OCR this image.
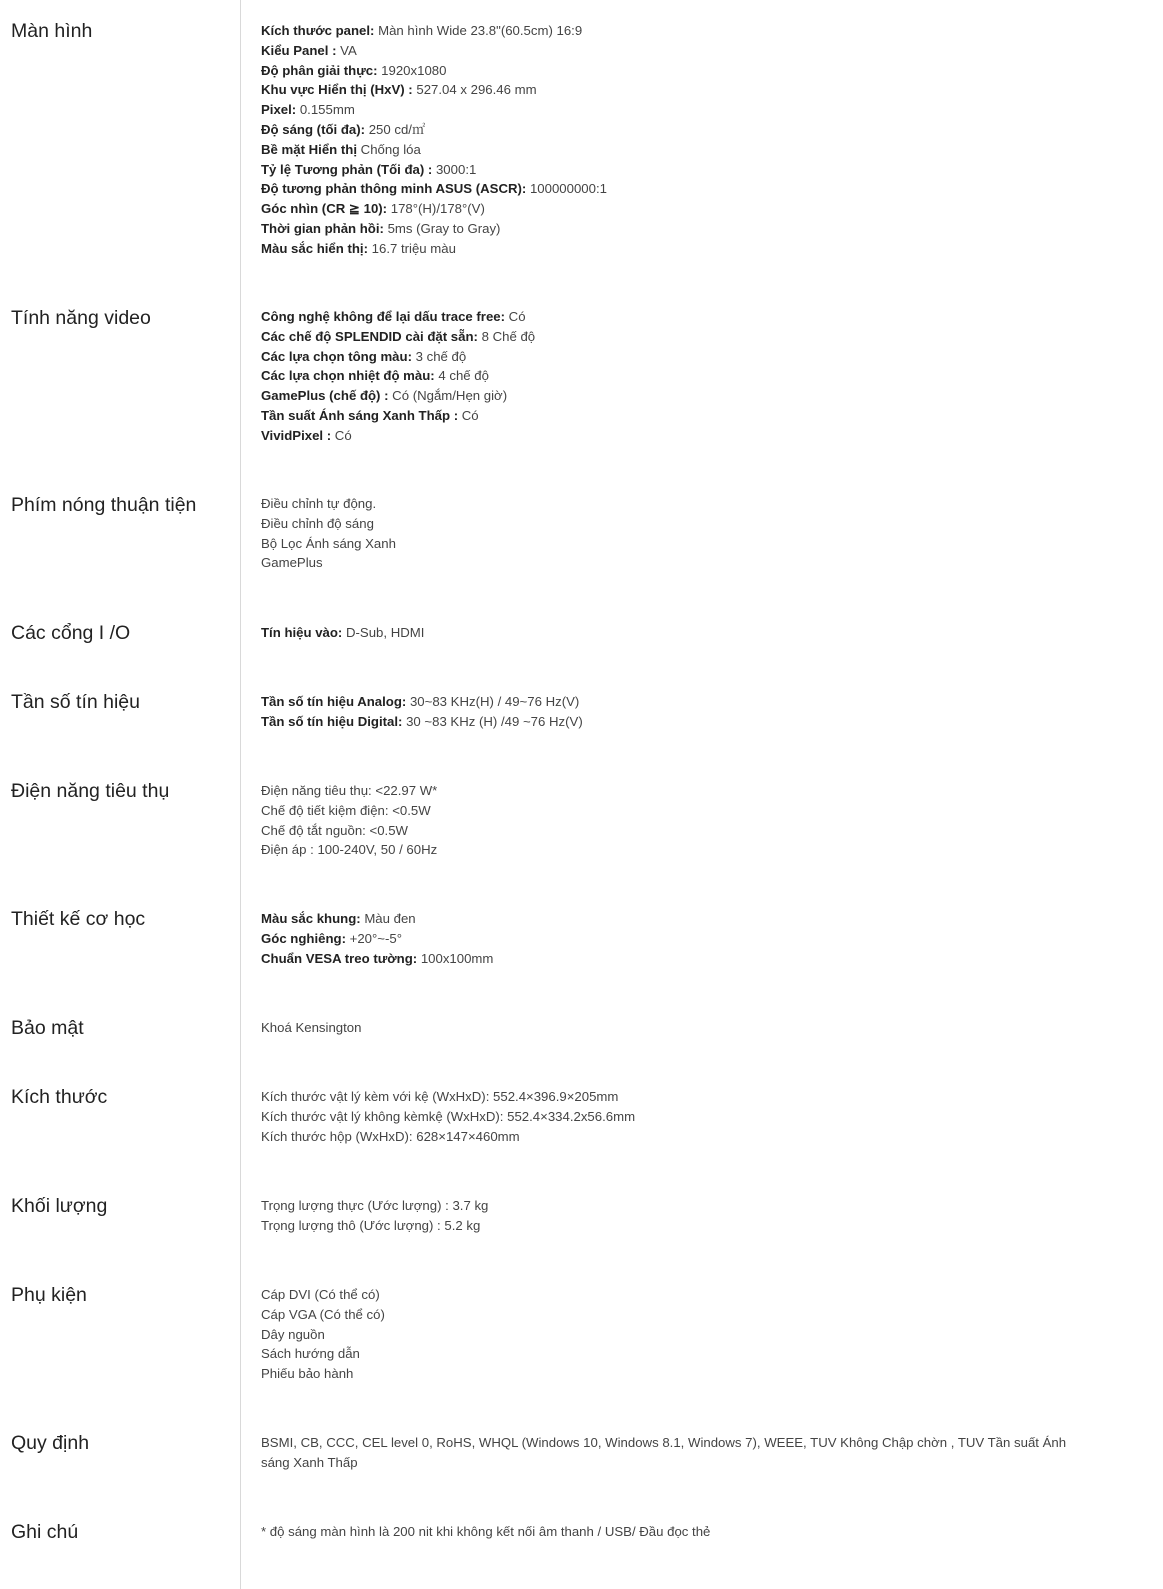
Màn hình	Kích thước panel: Màn hình Wide 23.8"(60.5cm) 16:9
Kiểu Panel : VA
Độ phân giải thực: 1920x1080
Khu vực Hiển thị (HxV) : 527.04 x 296.46 mm
Pixel: 0.155mm
Độ sáng (tối đa): 250 cd/㎡
Bề mặt Hiển thị Chống lóa
Tỷ lệ Tương phản (Tối đa) : 3000:1
Độ tương phản thông minh ASUS (ASCR): 100000000:1
Góc nhìn (CR ≧ 10): 178°(H)/178°(V)
Thời gian phản hồi: 5ms (Gray to Gray)
Màu sắc hiển thị: 16.7 triệu màu
Tính năng video	Công nghệ không để lại dấu trace free: Có
Các chế độ SPLENDID cài đặt sẵn: 8 Chế độ
Các lựa chọn tông màu: 3 chế độ
Các lựa chọn nhiệt độ màu: 4 chế độ
GamePlus (chế độ) : Có (Ngắm/Hẹn giờ)
Tần suất Ánh sáng Xanh Thấp : Có
VividPixel : Có
Phím nóng thuận tiện	Điều chỉnh tự động.
Điều chỉnh độ sáng
Bộ Lọc Ánh sáng Xanh
GamePlus
Các cổng I /O	Tín hiệu vào: D-Sub, HDMI
Tần số tín hiệu	Tần số tín hiệu Analog: 30~83 KHz(H) / 49~76 Hz(V)
Tần số tín hiệu Digital: 30 ~83 KHz (H) /49 ~76 Hz(V)
Điện năng tiêu thụ	Điện năng tiêu thụ: <22.97 W*
Chế độ tiết kiệm điện: <0.5W
Chế độ tắt nguồn: <0.5W
Điện áp : 100-240V, 50 / 60Hz
Thiết kế cơ học	Màu sắc khung: Màu đen
Góc nghiêng: +20°~-5°
Chuẩn VESA treo tường: 100x100mm
Bảo mật	Khoá Kensington
Kích thước	Kích thước vật lý kèm với kệ (WxHxD): 552.4×396.9×205mm
Kích thước vật lý không kèmkệ (WxHxD): 552.4×334.2x56.6mm
Kích thước hộp (WxHxD): 628×147×460mm
Khối lượng	Trọng lượng thực (Ước lượng) : 3.7 kg
Trọng lượng thô (Ước lượng) : 5.2 kg
Phụ kiện	Cáp DVI (Có thể có)
Cáp VGA (Có thể có)
Dây nguồn
Sách hướng dẫn
Phiếu bảo hành
Quy định	BSMI, CB, CCC, CEL level 0, RoHS, WHQL (Windows 10, Windows 8.1, Windows 7), WEEE, TUV Không Chập chờn , TUV Tần suất Ánh sáng Xanh Thấp
Ghi chú	* độ sáng màn hình là 200 nit khi không kết nối âm thanh / USB/ Đầu đọc thẻ
